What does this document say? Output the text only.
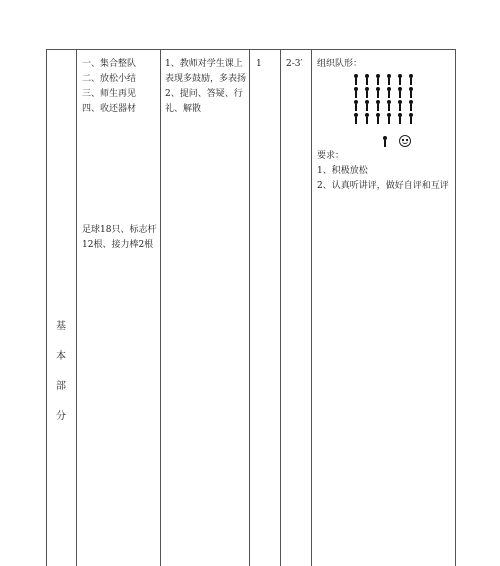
基
本
部
分
一、集合整队
二、放松小结
三、师生再见
四、收还器材
足球18只、标志杆
12根、接力棒2根
1、教师对学生课上
表现多鼓励，多表扬
2、提问、答疑、行
礼、解散
1	2-3′ 组织队形：
要求：
1、积极放松
2、认真听讲评，做好自评和互评
